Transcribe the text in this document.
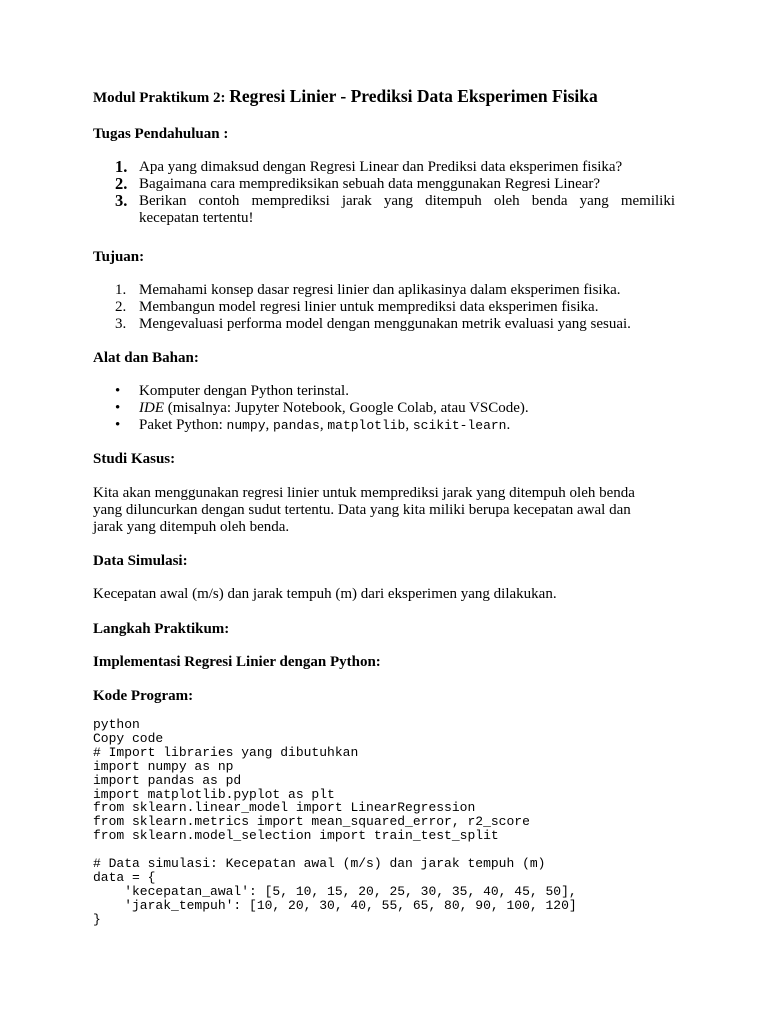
Modul Praktikum 2: Regresi Linier - Prediksi Data Eksperimen Fisika

Tugas Pendahuluan :

1. Apa yang dimaksud dengan Regresi Linear dan Prediksi data eksperimen fisika?
2. Bagaimana cara memprediksikan sebuah data menggunakan Regresi Linear?
3. Berikan contoh memprediksi jarak yang ditempuh oleh benda yang memiliki
kecepatan tertentu!

Tujuan:

1. Memahami konsep dasar regresi linier dan aplikasinya dalam eksperimen fisika.
2. Membangun model regresi linier untuk memprediksi data eksperimen fisika.
3. Mengevaluasi performa model dengan menggunakan metrik evaluasi yang sesuai.

Alat dan Bahan:

• Komputer dengan Python terinstal.
• IDE (misalnya: Jupyter Notebook, Google Colab, atau VSCode).
• Paket Python: numpy, pandas, matplotlib, scikit-learn.

Studi Kasus:

Kita akan menggunakan regresi linier untuk memprediksi jarak yang ditempuh oleh benda
yang diluncurkan dengan sudut tertentu. Data yang kita miliki berupa kecepatan awal dan
jarak yang ditempuh oleh benda.

Data Simulasi:

Kecepatan awal (m/s) dan jarak tempuh (m) dari eksperimen yang dilakukan.

Langkah Praktikum:

Implementasi Regresi Linier dengan Python:

Kode Program:

python
Copy code
# Import libraries yang dibutuhkan
import numpy as np
import pandas as pd
import matplotlib.pyplot as plt
from sklearn.linear_model import LinearRegression
from sklearn.metrics import mean_squared_error, r2_score
from sklearn.model_selection import train_test_split

# Data simulasi: Kecepatan awal (m/s) dan jarak tempuh (m)
data = {
'kecepatan_awal': [5, 10, 15, 20, 25, 30, 35, 40, 45, 50],
'jarak_tempuh': [10, 20, 30, 40, 55, 65, 80, 90, 100, 120]
}
